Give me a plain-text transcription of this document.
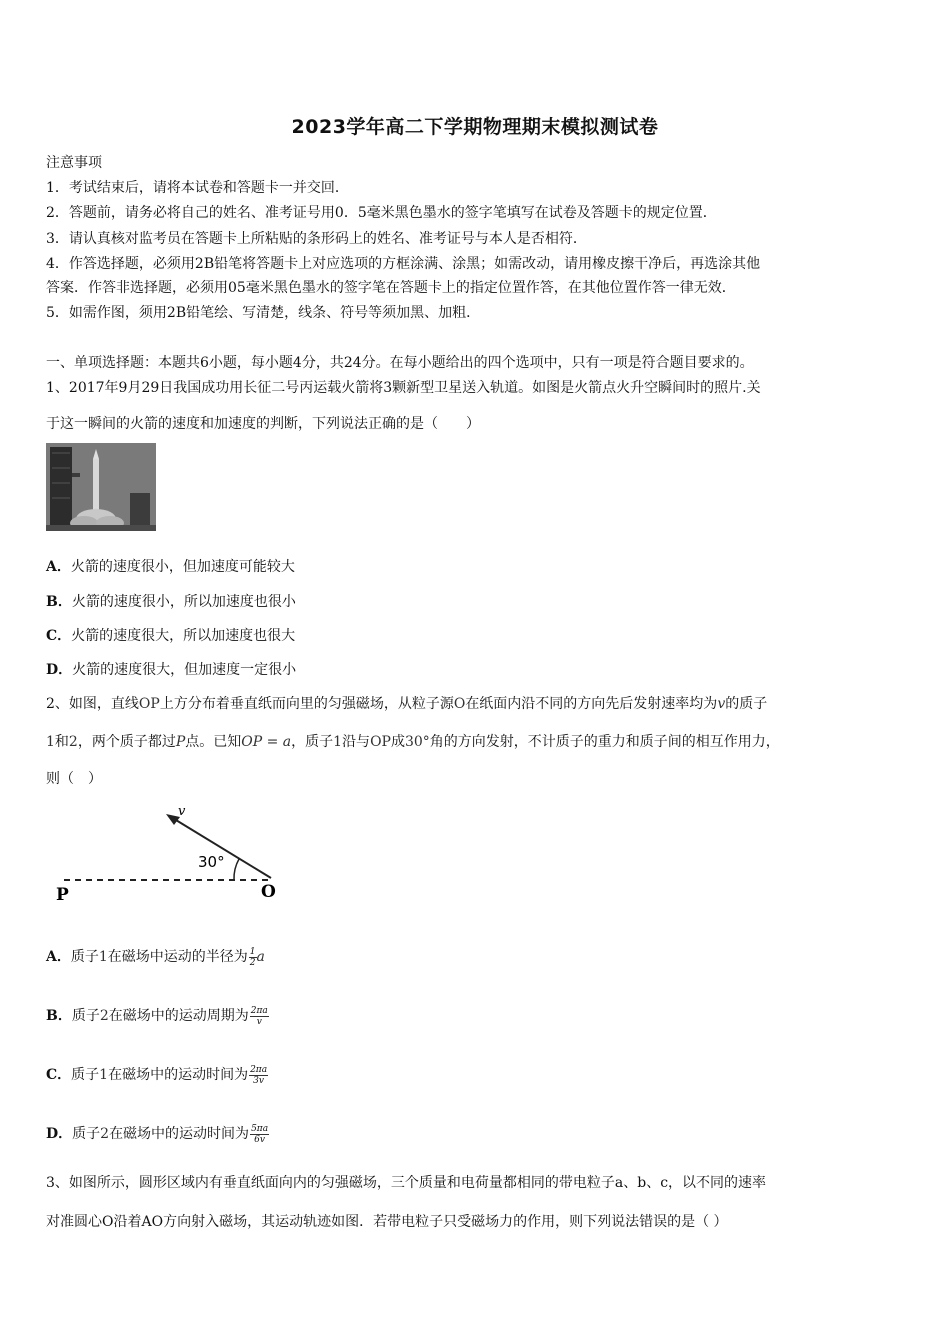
2023学年高二下学期物理期末模拟测试卷
注意事项
1．考试结束后，请将本试卷和答题卡一并交回．
2．答题前，请务必将自己的姓名、准考证号用0．5毫米黑色墨水的签字笔填写在试卷及答题卡的规定位置．
3．请认真核对监考员在答题卡上所粘贴的条形码上的姓名、准考证号与本人是否相符．
4．作答选择题，必须用2B铅笔将答题卡上对应选项的方框涂满、涂黑；如需改动，请用橡皮擦干净后，再选涂其他
答案．作答非选择题，必须用05毫米黑色墨水的签字笔在答题卡上的指定位置作答，在其他位置作答一律无效．
5．如需作图，须用2B铅笔绘、写清楚，线条、符号等须加黑、加粗．
一、单项选择题：本题共6小题，每小题4分，共24分。在每小题给出的四个选项中，只有一项是符合题目要求的。
1、2017年9月29日我国成功用长征二号丙运载火箭将3颗新型卫星送入轨道。如图是火箭点火升空瞬间时的照片.关
于这一瞬间的火箭的速度和加速度的判断，下列说法正确的是（　　）
A．火箭的速度很小，但加速度可能较大
B．火箭的速度很小，所以加速度也很小
C．火箭的速度很大，所以加速度也很大
D．火箭的速度很大，但加速度一定很小
2、如图，直线OP上方分布着垂直纸而向里的匀强磁场，从粒子源O在纸面内沿不同的方向先后发射速率均为v的质子
1和2，两个质子都过P点。已知OP = a，质子1沿与OP成30°角的方向发射，不计质子的重力和质子间的相互作用力，
则（　）
v
30°
P	O
A．质子1在磁场中运动的半径为 $\frac{1}{2}$ a
B．质子2在磁场中的运动周期为 $\frac{2\pi a}{v}$
C．质子1在磁场中的运动时间为 $\frac{2\pi a}{3v}$
D．质子2在磁场中的运动时间为 $\frac{5\pi a}{6v}$
3、如图所示，圆形区域内有垂直纸面向内的匀强磁场，三个质量和电荷量都相同的带电粒子a、b、c，以不同的速率
对准圆心O沿着AO方向射入磁场，其运动轨迹如图．若带电粒子只受磁场力的作用，则下列说法错误的是（ ）
